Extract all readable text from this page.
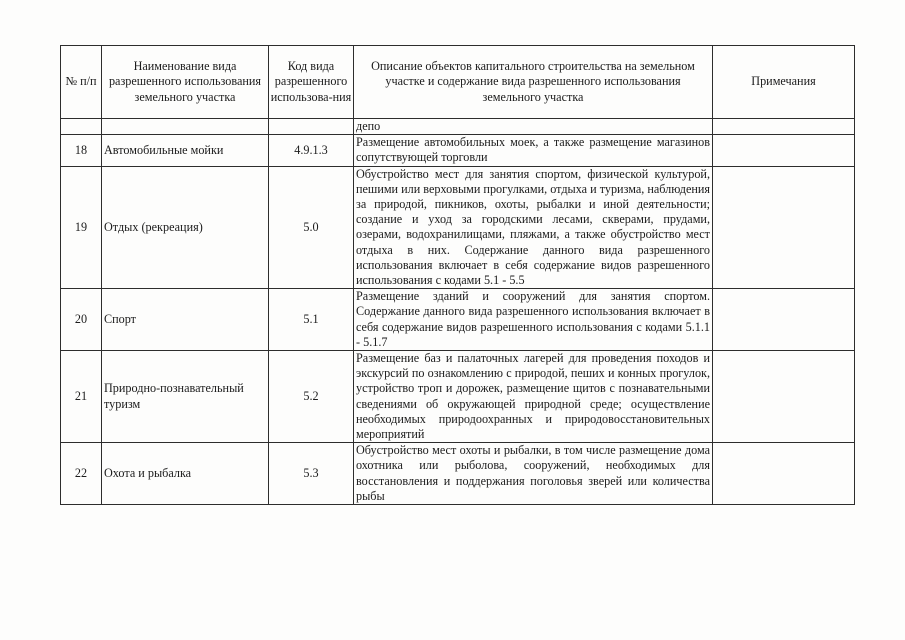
№ п/п	Наименование вида разрешенного использования земельного участка	Код вида разрешенного использова-ния	Описание объектов капитального строительства на земельном участке и содержание вида разрешенного использования земельного участка	Примечания
			депо	
18	Автомобильные мойки	4.9.1.3	Размещение автомобильных моек, а также размещение магазинов сопутствующей торговли	
19	Отдых (рекреация)	5.0	Обустройство мест для занятия спортом, физической культурой, пешими или верховыми прогулками, отдыха и туризма, наблюдения за природой, пикников, охоты, рыбалки и иной деятельности; создание и уход за городскими лесами, скверами, прудами, озерами, водохранилищами, пляжами, а также обустройство мест отдыха в них. Содержание данного вида разрешенного использования включает в себя содержание видов разрешенного использования с кодами 5.1 - 5.5	
20	Спорт	5.1	Размещение зданий и сооружений для занятия спортом. Содержание данного вида разрешенного использования включает в себя содержание видов разрешенного использования с кодами 5.1.1 - 5.1.7	
21	Природно-познавательный туризм	5.2	Размещение баз и палаточных лагерей для проведения походов и экскурсий по ознакомлению с природой, пеших и конных прогулок, устройство троп и дорожек, размещение щитов с познавательными сведениями об окружающей природной среде; осуществление необходимых природоохранных и природовосстановительных мероприятий	
22	Охота и рыбалка	5.3	Обустройство мест охоты и рыбалки, в том числе размещение дома охотника или рыболова, сооружений, необходимых для восстановления и поддержания поголовья зверей или количества рыбы	
